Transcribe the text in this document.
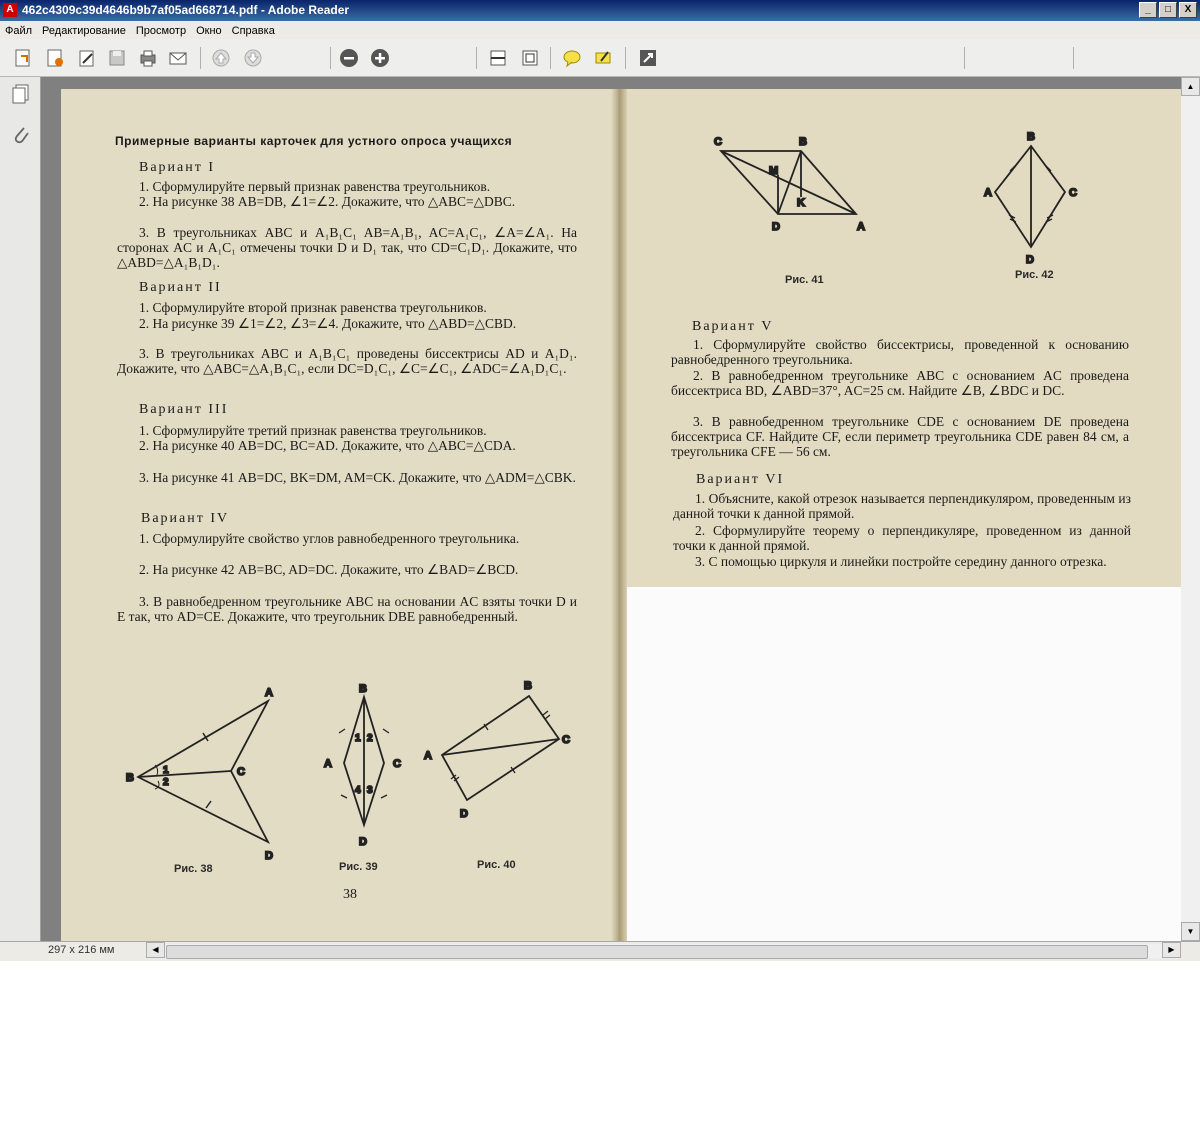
A 462c4309c39d4646b9b7af05ad668714.pdf - Adobe Reader	_	□	X
Файл Редактирование Просмотр Окно Справка
Примерные варианты карточек для устного опроса учащихся
Вариант I
1. Сформулируйте первый признак равенства треугольников.
2. На рисунке 38 AB=DB, ∠1=∠2. Докажите, что △ABC=△DBC.
3. В треугольниках ABC и A₁B₁C₁ AB=A₁B₁, AC=A₁C₁, ∠A=∠A₁. На сторонах AC и A₁C₁ отмечены точки D и D₁ так, что CD=C₁D₁. Докажите, что △ABD=△A₁B₁D₁.
Вариант II
1. Сформулируйте второй признак равенства треугольников.
2. На рисунке 39 ∠1=∠2, ∠3=∠4. Докажите, что △ABD=△CBD.
3. В треугольниках ABC и A₁B₁C₁ проведены биссектрисы AD и A₁D₁. Докажите, что △ABC=△A₁B₁C₁, если DC=D₁C₁, ∠C=∠C₁, ∠ADC=∠A₁D₁C₁.
Вариант III
1. Сформулируйте третий признак равенства треугольников.
2. На рисунке 40 AB=DC, BC=AD. Докажите, что △ABC=△CDA.
3. На рисунке 41 AB=DC, BK=DM, AM=CK. Докажите, что △ADM=△CBK.
Вариант IV
1. Сформулируйте свойство углов равнобедренного треугольника.
2. На рисунке 42 AB=BC, AD=DC. Докажите, что ∠BAD=∠BCD.
3. В равнобедренном треугольнике ABC на основании AC взяты точки D и E так, что AD=CE. Докажите, что треугольник DBE равнобедренный.
B
A
C
D
1
2
B
A	C
D
1 2
4 3
B
A
C
D
Рис. 38	Рис. 39	Рис. 40
38
C	B
A
D
M
K
B
A	C
D
Рис. 41	Рис. 42
Вариант V
1. Сформулируйте свойство биссектрисы, проведенной к основанию равнобедренного треугольника.
2. В равнобедренном треугольнике ABC с основанием AC проведена биссектриса BD, ∠ABD=37°, AC=25 см. Найдите ∠B, ∠BDC и DC.
3. В равнобедренном треугольнике CDE с основанием DE проведена биссектриса CF. Найдите CF, если периметр треугольника CDE равен 84 см, а треугольника CFE — 56 см.
Вариант VI
1. Объясните, какой отрезок называется перпендикуляром, проведенным из данной точки к данной прямой.
2. Сформулируйте теорему о перпендикуляре, проведенном из данной точки к данной прямой.
3. С помощью циркуля и линейки постройте середину данного отрезка.
▲
▼
297 x 216 мм	◀	▶
